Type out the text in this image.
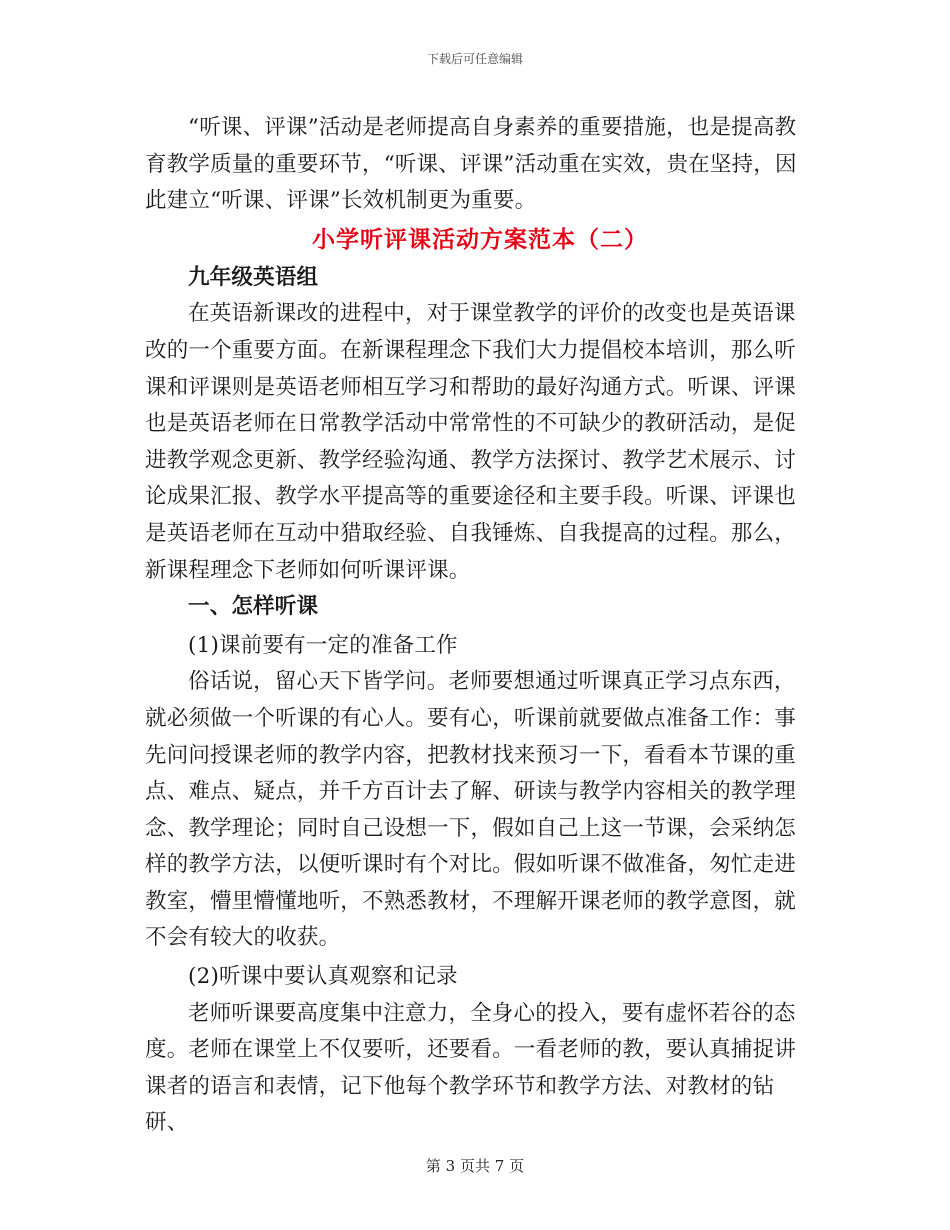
下载后可任意编辑

“听课、评课”活动是老师提高自身素养的重要措施，也是提高教育教学质量的重要环节，“听课、评课”活动重在实效，贵在坚持，因此建立“听课、评课”长效机制更为重要。

小学听评课活动方案范本（二）

九年级英语组

在英语新课改的进程中，对于课堂教学的评价的改变也是英语课改的一个重要方面。在新课程理念下我们大力提倡校本培训，那么听课和评课则是英语老师相互学习和帮助的最好沟通方式。听课、评课也是英语老师在日常教学活动中常常性的不可缺少的教研活动，是促进教学观念更新、教学经验沟通、教学方法探讨、教学艺术展示、讨论成果汇报、教学水平提高等的重要途径和主要手段。听课、评课也是英语老师在互动中猎取经验、自我锤炼、自我提高的过程。那么，新课程理念下老师如何听课评课。

一、怎样听课

(1)课前要有一定的准备工作

俗话说，留心天下皆学问。老师要想通过听课真正学习点东西，就必须做一个听课的有心人。要有心，听课前就要做点准备工作：事先问问授课老师的教学内容，把教材找来预习一下，看看本节课的重点、难点、疑点，并千方百计去了解、研读与教学内容相关的教学理念、教学理论；同时自己设想一下，假如自己上这一节课，会采纳怎样的教学方法，以便听课时有个对比。假如听课不做准备，匆忙走进教室，懵里懵懂地听，不熟悉教材，不理解开课老师的教学意图，就不会有较大的收获。

(2)听课中要认真观察和记录

老师听课要高度集中注意力，全身心的投入，要有虚怀若谷的态度。老师在课堂上不仅要听，还要看。一看老师的教，要认真捕捉讲课者的语言和表情，记下他每个教学环节和教学方法、对教材的钻研、

第 3 页共 7 页
